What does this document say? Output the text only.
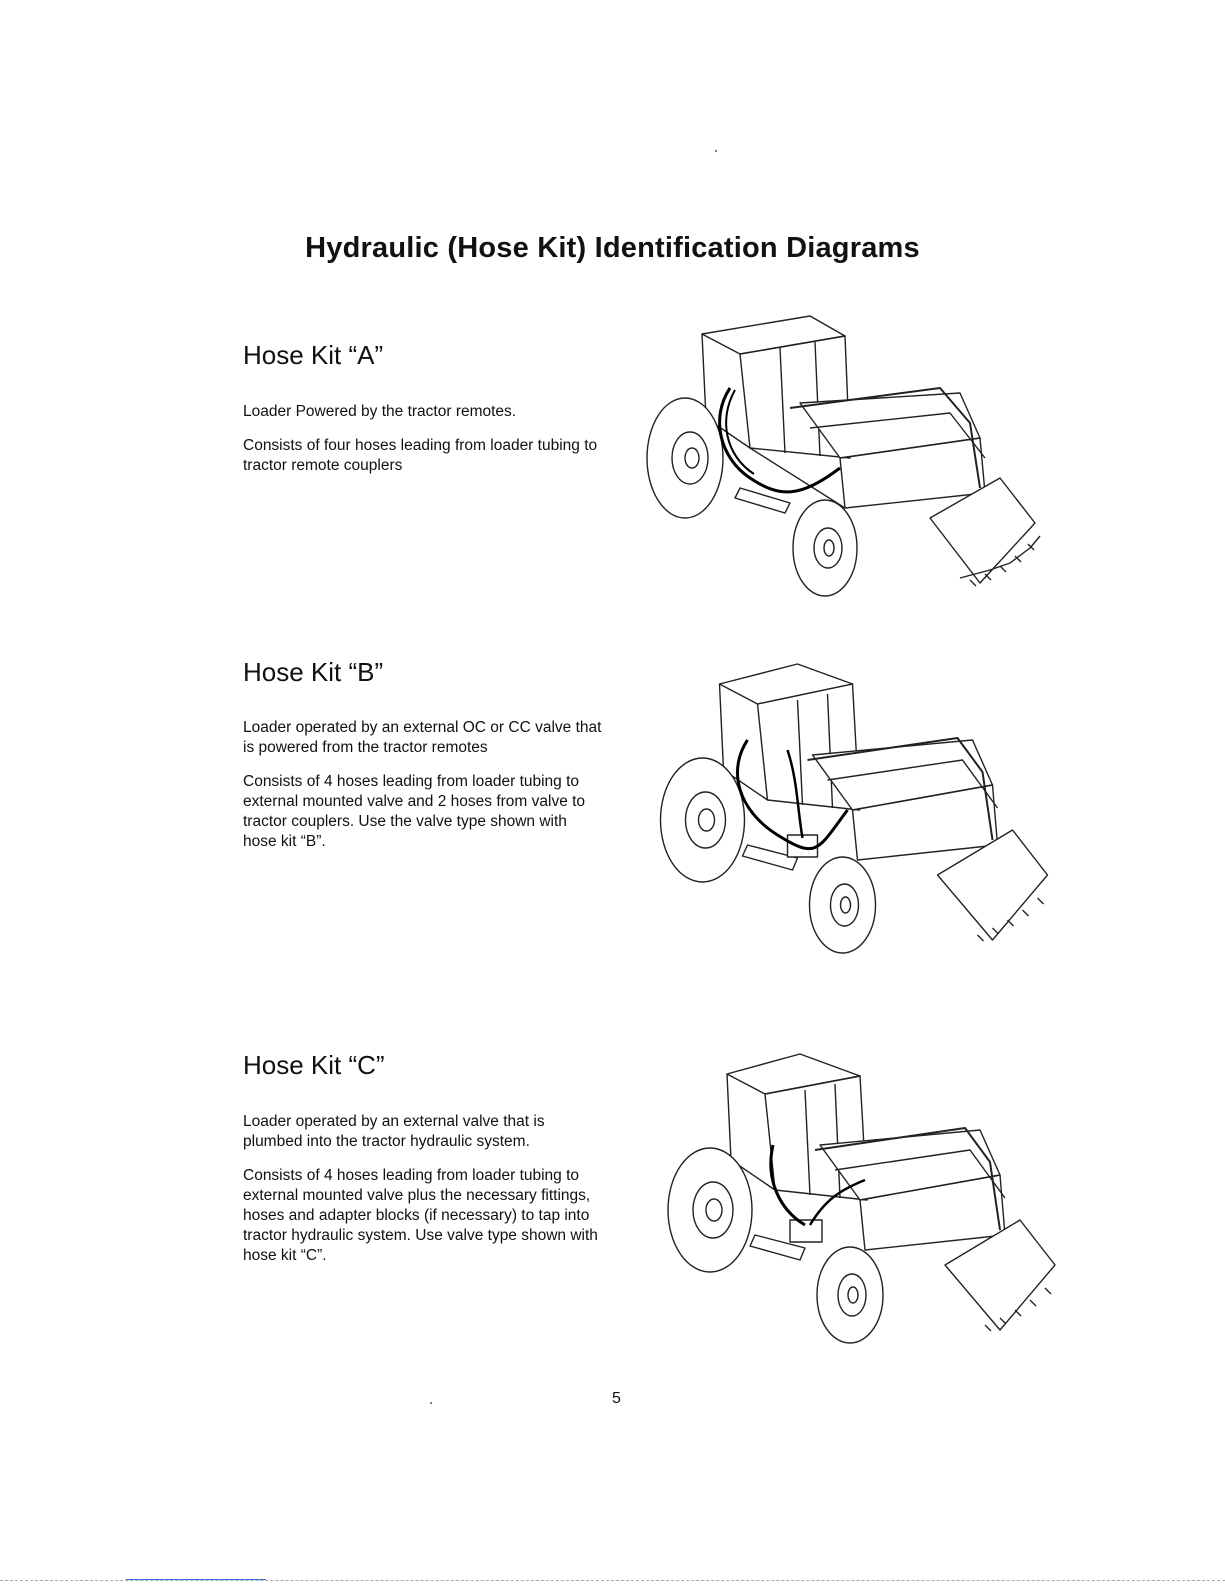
Hydraulic (Hose Kit) Identification Diagrams
Hose Kit “A”

Loader Powered by the tractor remotes.

Consists of four hoses leading from loader tubing to tractor remote couplers

Hose Kit “B”

Loader operated by an external OC or CC valve that is powered from the tractor remotes

Consists of 4 hoses leading from loader tubing to external mounted valve and 2 hoses from valve to tractor couplers. Use the valve type shown with hose kit “B”.

Hose Kit “C”

Loader operated by an external valve that is plumbed into the tractor hydraulic system.

Consists of 4 hoses leading from loader tubing to external mounted valve plus the necessary fittings, hoses and adapter blocks (if necessary) to tap into tractor hydraulic system. Use valve type shown with hose kit “C”.

5
